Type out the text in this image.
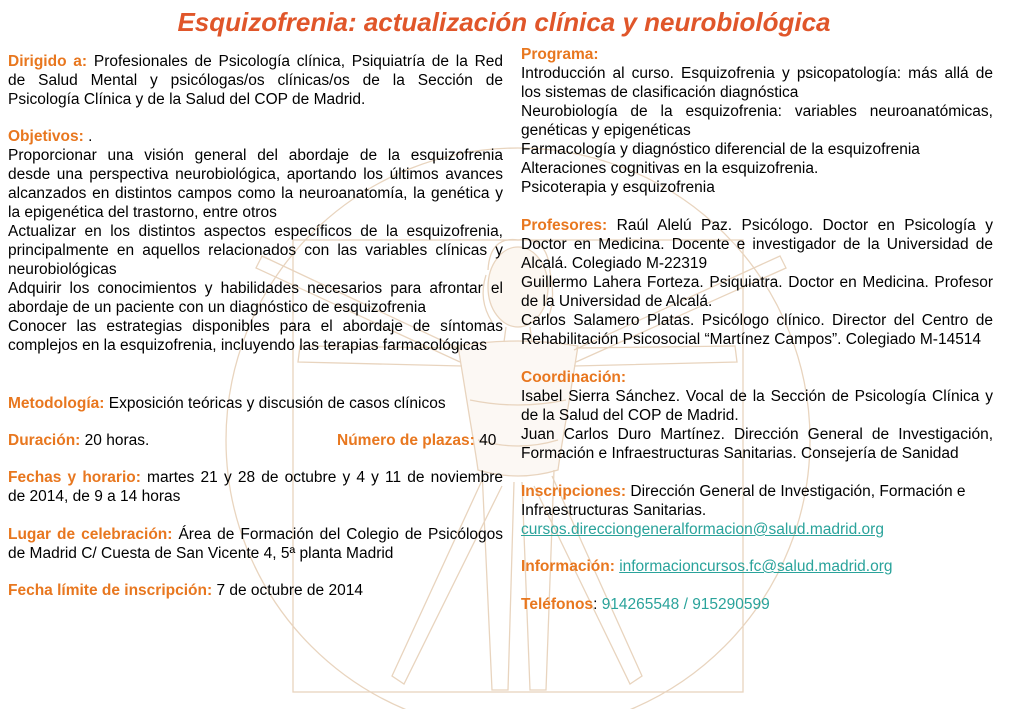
Esquizofrenia: actualización clínica y neurobiológica
Dirigido a: Profesionales de Psicología clínica, Psiquiatría de la Red
de Salud Mental y psicólogas/os clínicas/os de la Sección de
Psicología Clínica y de la Salud del COP de Madrid.
Objetivos: .
Proporcionar una visión general del abordaje de la esquizofrenia
desde una perspectiva neurobiológica, aportando los últimos avances
alcanzados en distintos campos como la neuroanatomía, la genética y
la epigenética del trastorno, entre otros
Actualizar en los distintos aspectos específicos de la esquizofrenia,
principalmente en aquellos relacionados con las variables clínicas y
neurobiológicas
Adquirir los conocimientos y habilidades necesarios para afrontar el
abordaje de un paciente con un diagnóstico de esquizofrenia
Conocer las estrategias disponibles para el abordaje de síntomas
complejos en la esquizofrenia, incluyendo las terapias farmacológicas
Metodología: Exposición teóricas y discusión de casos clínicos
Duración: 20 horas.	Número de plazas: 40
Fechas y horario: martes 21 y 28 de octubre y 4 y 11 de noviembre
de 2014, de 9 a 14 horas
Lugar de celebración: Área de Formación del Colegio de Psicólogos
de Madrid C/ Cuesta de San Vicente 4, 5ª planta Madrid
Fecha límite de inscripción: 7 de octubre de 2014
Programa:
Introducción al curso. Esquizofrenia y psicopatología: más allá de
los sistemas de clasificación diagnóstica
Neurobiología de la esquizofrenia: variables neuroanatómicas,
genéticas y epigenéticas
Farmacología y diagnóstico diferencial de la esquizofrenia
Alteraciones cognitivas en la esquizofrenia.
Psicoterapia y esquizofrenia
Profesores: Raúl Alelú Paz. Psicólogo. Doctor en Psicología y
Doctor en Medicina. Docente e investigador de la Universidad de
Alcalá. Colegiado M-22319
Guillermo Lahera Forteza. Psiquiatra. Doctor en Medicina. Profesor
de la Universidad de Alcalá.
Carlos Salamero Platas. Psicólogo clínico. Director del Centro de
Rehabilitación Psicosocial “Martínez Campos”. Colegiado M-14514
Coordinación:
Isabel Sierra Sánchez. Vocal de la Sección de Psicología Clínica y
de la Salud del COP de Madrid.
Juan Carlos Duro Martínez. Dirección General de Investigación,
Formación e Infraestructuras Sanitarias. Consejería de Sanidad
Inscripciones: Dirección General de Investigación, Formación e
Infraestructuras Sanitarias.
cursos.direcciongeneralformacion@salud.madrid.org
Información: informacioncursos.fc@salud.madrid.org
Teléfonos: 914265548 / 915290599
